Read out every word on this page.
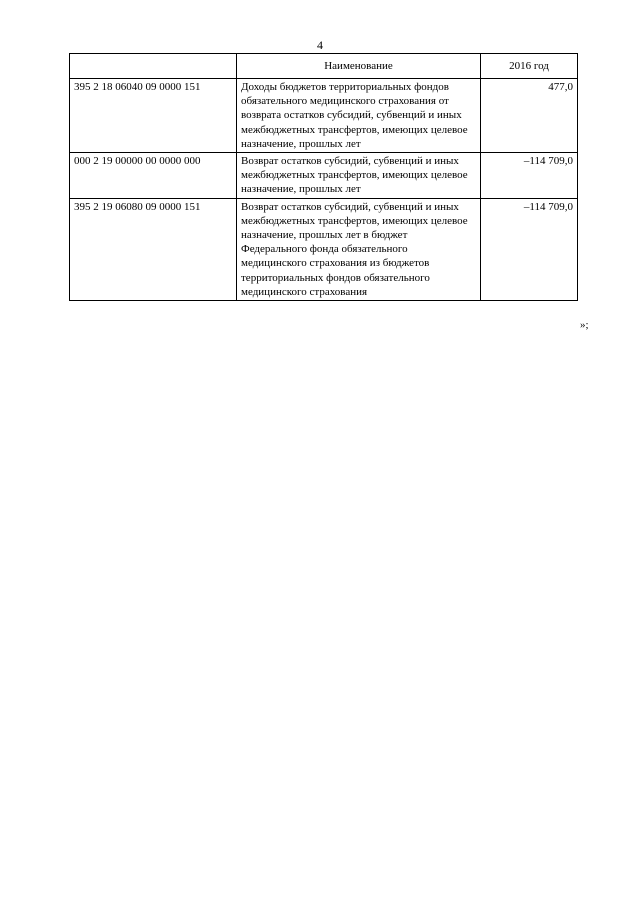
4
	Наименование	2016 год
395 2 18 06040 09 0000 151	Доходы бюджетов территориальных фондов обязательного медицинского страхования от возврата остатков субсидий, субвенций и иных межбюджетных трансфертов, имеющих целевое назначение, прошлых лет	477,0
000 2 19 00000 00 0000 000	Возврат остатков субсидий, субвенций и иных межбюджетных трансфертов, имеющих целевое назначение, прошлых лет	–114 709,0
395 2 19 06080 09 0000 151	Возврат остатков субсидий, субвенций и иных межбюджетных трансфертов, имеющих целевое назначение, прошлых лет в бюджет Федерального фонда обязательного медицинского страхования из бюджетов территориальных фондов обязательного медицинского страхования	–114 709,0
»;
